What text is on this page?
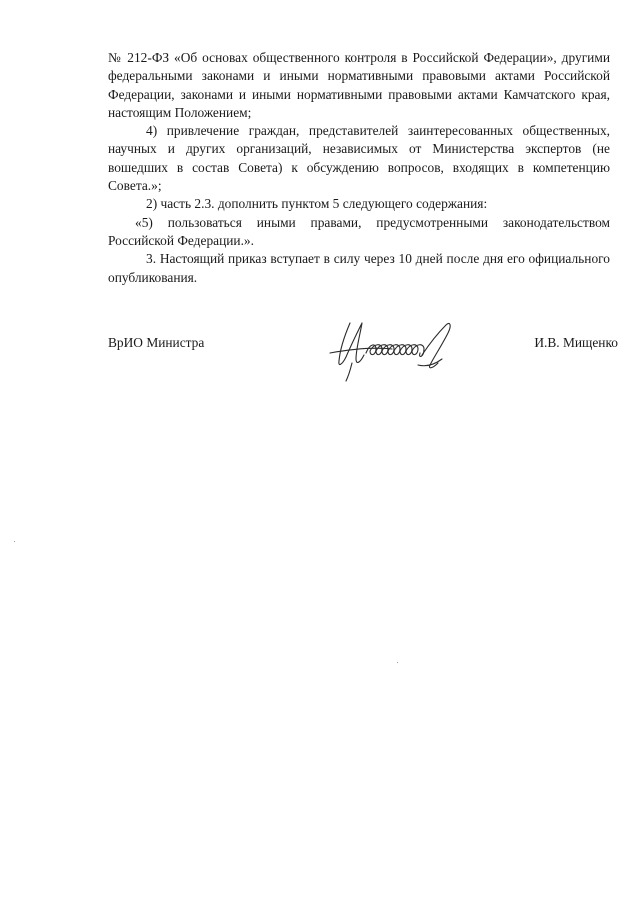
№ 212-ФЗ «Об основах общественного контроля в Российской Федерации», другими федеральными законами и иными нормативными правовыми актами Российской Федерации, законами и иными нормативными правовыми актами Камчатского края, настоящим Положением;

4) привлечение граждан, представителей заинтересованных общественных, научных и других организаций, независимых от Министерства экспертов (не вошедших в состав Совета) к обсуждению вопросов, входящих в компетенцию Совета.»;

2) часть 2.3. дополнить пунктом 5 следующего содержания:

«5) пользоваться иными правами, предусмотренными законодательством Российской Федерации.».

3. Настоящий приказ вступает в силу через 10 дней после дня его официального опубликования.

ВрИО Министра	И.В. Мищенко
